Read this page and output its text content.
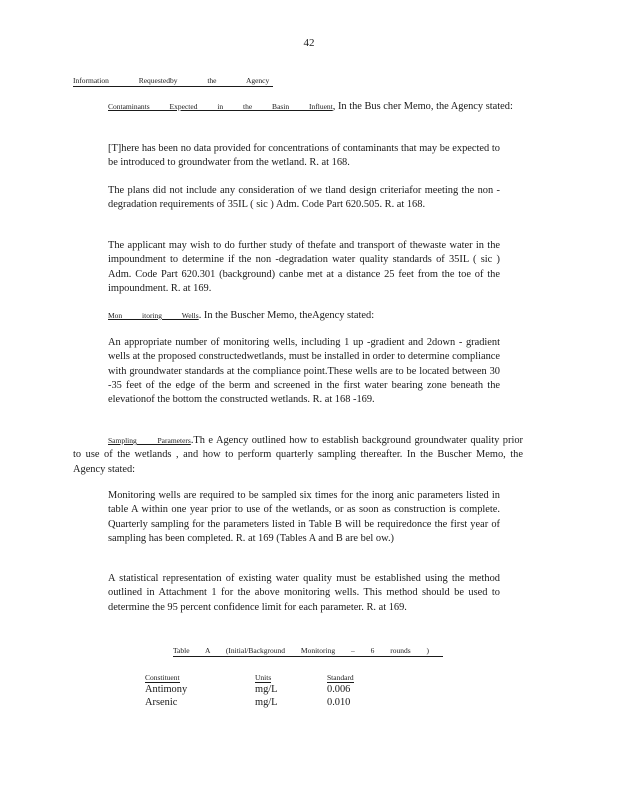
42
Information Requestedby the Agency
Contaminants Expected in the Basin Influent, In the Bus cher Memo, the Agency stated:
[T]here has been no data provided for concentrations of contaminants that may be expected to be introduced to groundwater from the wetland. R. at 168.
The plans did not include any consideration of we tland design criteriafor meeting the non -degradation requirements of 35IL ( sic ) Adm. Code Part 620.505. R. at 168.
The applicant may wish to do further study of thefate and transport of thewaste water in the impoundment to determine if the non -degradation water quality standards of 35IL ( sic ) Adm. Code Part 620.301 (background) canbe met at a distance 25 feet from the toe of the impoundment. R. at 169.
Mon itoring Wells. In the Buscher Memo, theAgency stated:
An appropriate number of monitoring wells, including 1 up -gradient and 2down - gradient wells at the proposed constructedwetlands, must be installed in order to determine compliance with groundwater standards at the compliance point.These wells are to be located between 30 -35 feet of the edge of the berm and screened in the first water bearing zone beneath the elevationof the bottom the constructed wetlands. R. at 168 -169.
Sampling Parameters.Th e Agency outlined how to establish background groundwater quality prior to use of the wetlands , and how to perform quarterly sampling thereafter. In the Buscher Memo, the Agency stated:
Monitoring wells are required to be sampled six times for the inorg anic parameters listed in table A within one year prior to use of the wetlands, or as soon as construction is complete. Quarterly sampling for the parameters listed in Table B will be requiredonce the first year of sampling has been completed. R. at 169 (Tables A and B are bel ow.)
A statistical representation of existing water quality must be established using the method outlined in Attachment 1 for the above monitoring wells. This method should be used to determine the 95 percent confidence limit for each parameter. R. at 169.
Table A (Initial/Background Monitoring – 6 rounds )
Constituent	Units	Standard
Antimony	mg/L	0.006
Arsenic	mg/L	0.010
